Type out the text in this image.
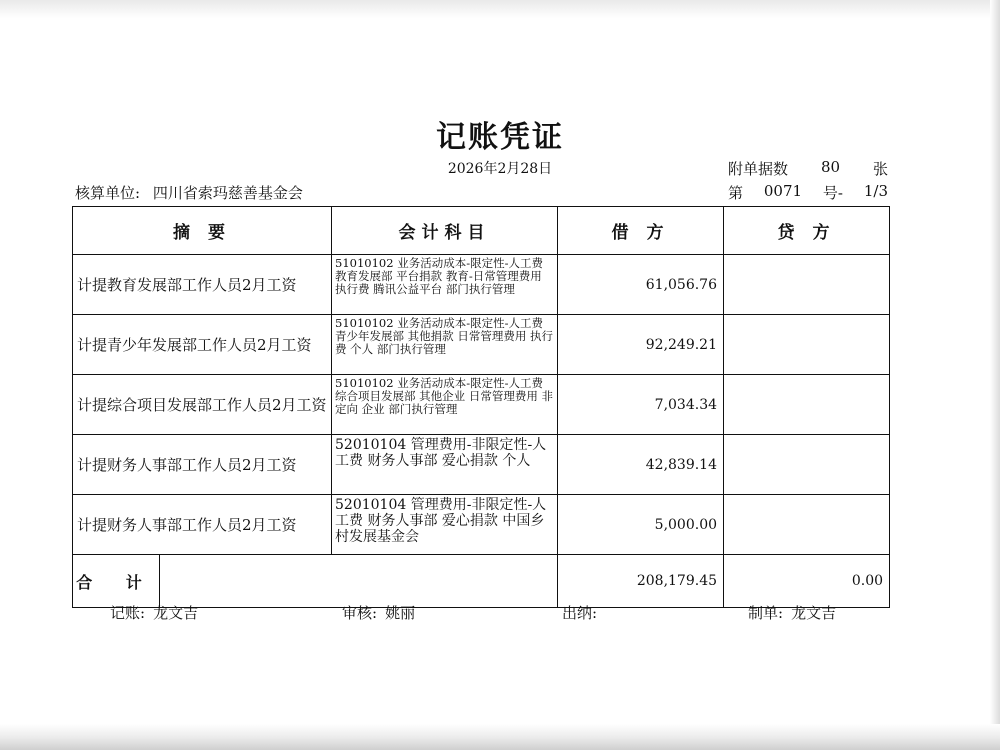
记账凭证
2026年2月28日	附单据数 80 张
核算单位: 四川省索玛慈善基金会	第 0071 号- 1/3
摘 要		会计科目	借 方	贷 方
计提教育发展部工作人员2月工资		51010102 业务活动成本-限定性-人工费 教育发展部 平台捐款 教育-日常管理费用 执行费 腾讯公益平台 部门执行管理	61,056.76	
计提青少年发展部工作人员2月工资		51010102 业务活动成本-限定性-人工费 青少年发展部 其他捐款 日常管理费用 执行费 个人 部门执行管理	92,249.21	
计提综合项目发展部工作人员2月工资		51010102 业务活动成本-限定性-人工费 综合项目发展部 其他企业 日常管理费用 非定向 企业 部门执行管理	7,034.34	
计提财务人事部工作人员2月工资		52010104 管理费用-非限定性-人工费 财务人事部 爱心捐款 个人	42,839.14	
计提财务人事部工作人员2月工资		52010104 管理费用-非限定性-人工费 财务人事部 爱心捐款 中国乡村发展基金会	5,000.00	
合 计			208,179.45	0.00
记账: 龙文吉	审核: 姚丽	出纳:	制单: 龙文吉
